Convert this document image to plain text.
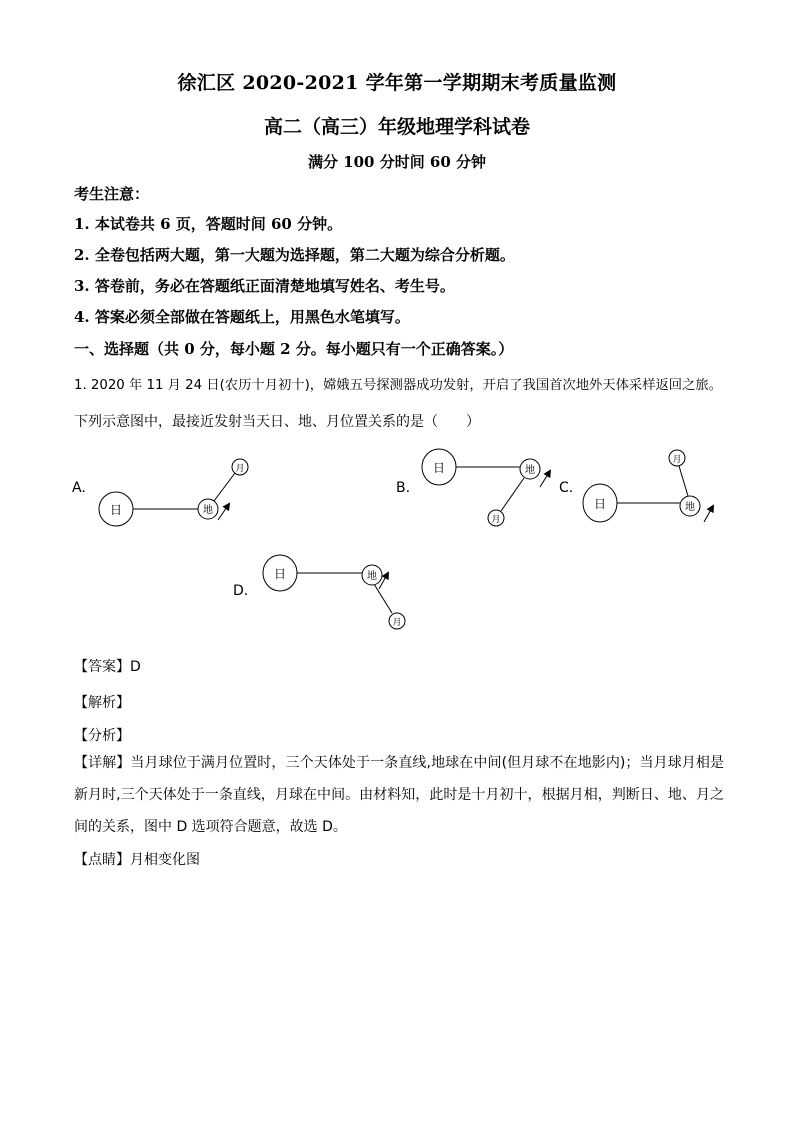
徐汇区 2020-2021 学年第一学期期末考质量监测
高二（高三）年级地理学科试卷
满分 100 分时间 60 分钟
考生注意：
1. 本试卷共 6 页，答题时间 60 分钟。
2. 全卷包括两大题，第一大题为选择题，第二大题为综合分析题。
3. 答卷前，务必在答题纸正面清楚地填写姓名、考生号。
4. 答案必须全部做在答题纸上，用黑色水笔填写。
一、选择题（共 0 分，每小题 2 分。每小题只有一个正确答案。）
1. 2020 年 11 月 24 日(农历十月初十)，嫦娥五号探测器成功发射，开启了我国首次地外天体采样返回之旅。
下列示意图中，最接近发射当天日、地、月位置关系的是（　　）
A.	B.	C.
D.
日	地
月	日	地
月
日	地
月
日	地
月
【答案】D
【解析】
【分析】
【详解】当月球位于满月位置时，三个天体处于一条直线,地球在中间(但月球不在地影内)；当月球月相是新月时,三个天体处于一条直线，月球在中间。由材料知，此时是十月初十，根据月相，判断日、地、月之间的关系，图中 D 选项符合题意，故选 D。
【点睛】月相变化图
